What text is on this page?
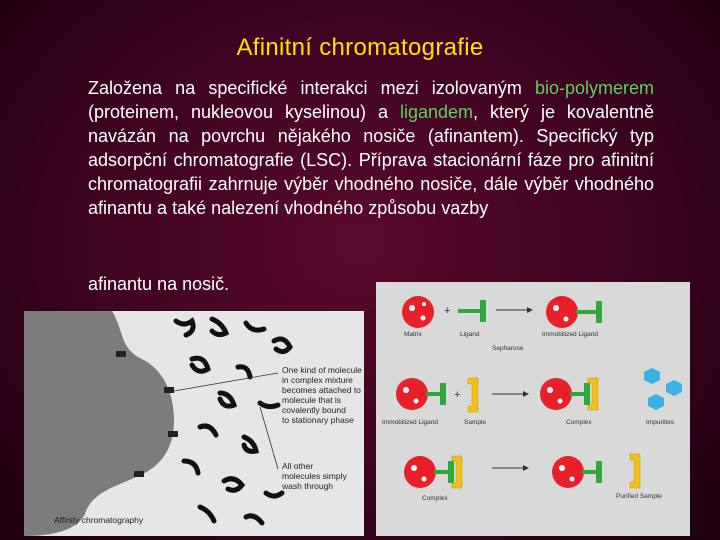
Afinitní chromatografie
Založena na specifické interakci mezi izolovaným bio-polymerem (proteinem, nukleovou kyselinou) a ligandem, který je kovalentně navázán na povrchu nějakého nosiče (afinantem). Specifický typ adsorpční chromatografie (LSC). Příprava stacionární fáze pro afinitní chromatografii zahrnuje výběr vhodného nosiče, dále výběr vhodného afinantu a také nalezení vhodného způsobu vazby
afinantu na nosič.
One kind of molecule in complex mixture becomes attached to molecule that is covalently bound to stationary phase
All other molecules simply wash through
Affinity chromatography
Matrix
+
Ligand	Immobilized Ligand
Sepharose
Immobilized Ligand
+
Sample	Complex	Impurities
Complex	Purified Sample
